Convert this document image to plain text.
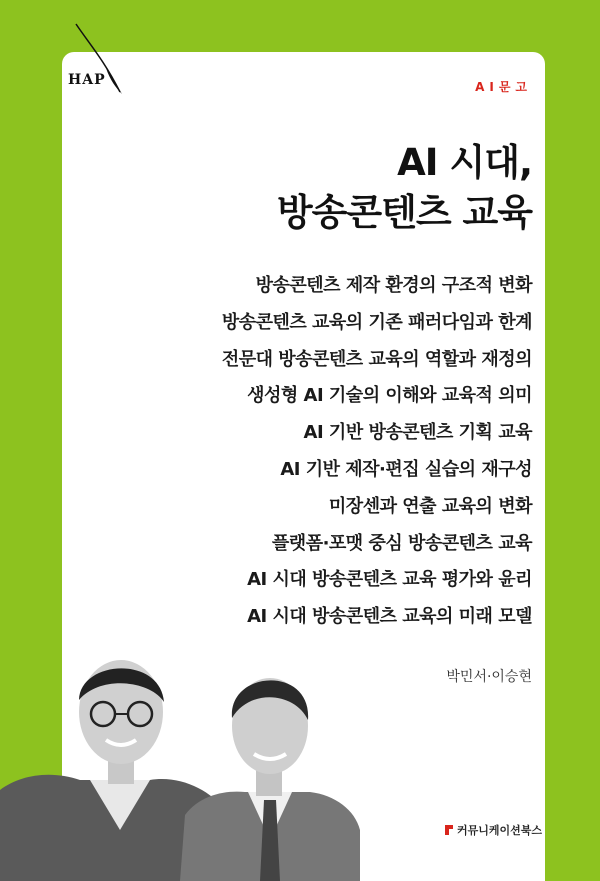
HAP	AI문고
AI 시대,
방송콘텐츠 교육
방송콘텐츠 제작 환경의 구조적 변화
방송콘텐츠 교육의 기존 패러다임과 한계
전문대 방송콘텐츠 교육의 역할과 재정의
생성형 AI 기술의 이해와 교육적 의미
AI 기반 방송콘텐츠 기획 교육
AI 기반 제작·편집 실습의 재구성
미장센과 연출 교육의 변화
플랫폼·포맷 중심 방송콘텐츠 교육
AI 시대 방송콘텐츠 교육 평가와 윤리
AI 시대 방송콘텐츠 교육의 미래 모델
박민서·이승현
커뮤니케이션북스
